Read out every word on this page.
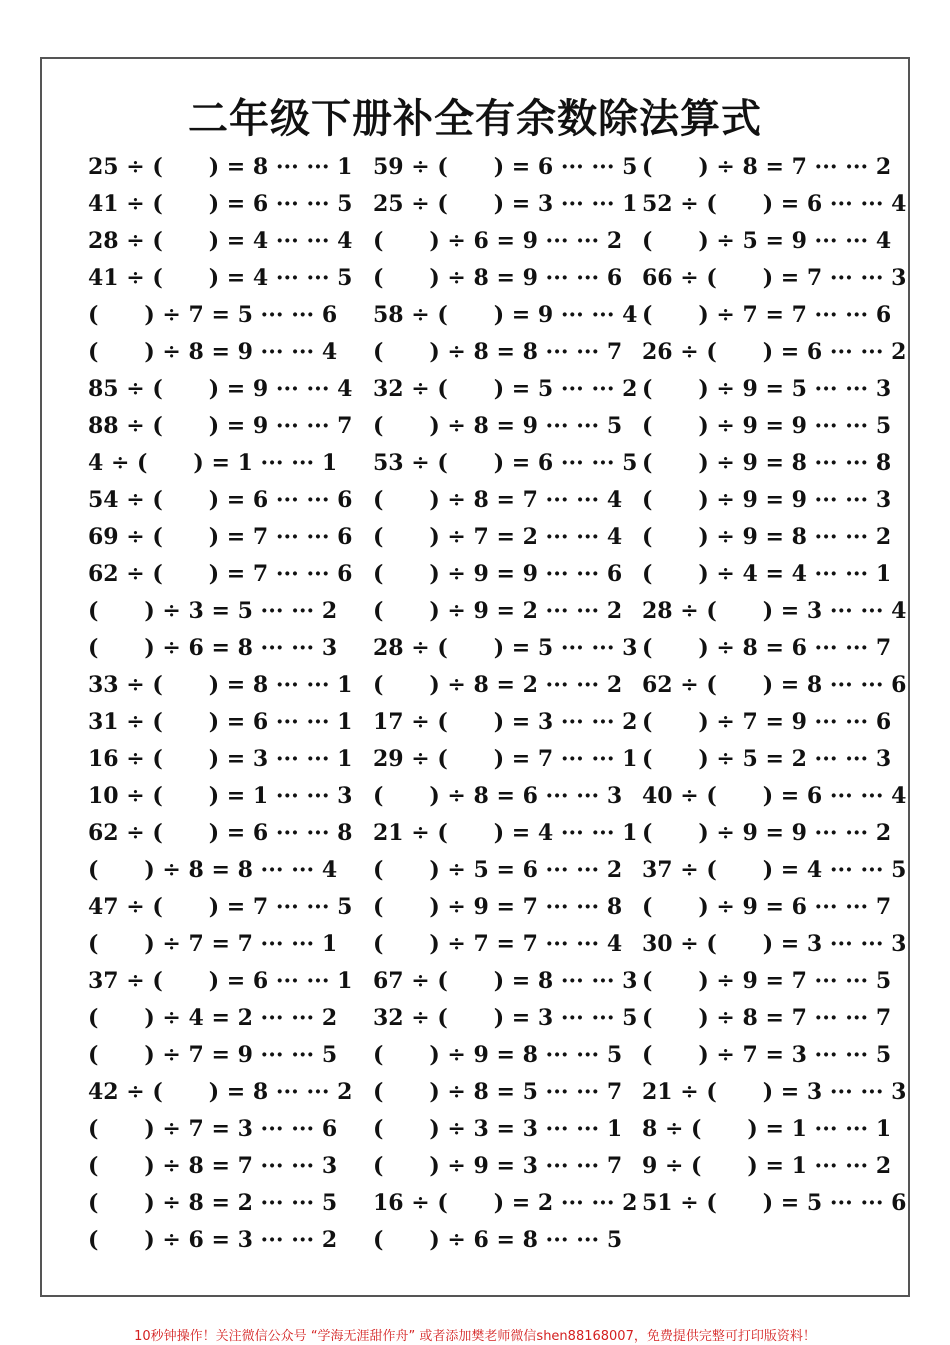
二年级下册补全有余数除法算式
25 ÷ (      ) = 8 ··· ··· 1
41 ÷ (      ) = 6 ··· ··· 5
28 ÷ (      ) = 4 ··· ··· 4
41 ÷ (      ) = 4 ··· ··· 5
(      ) ÷ 7 = 5 ··· ··· 6
(      ) ÷ 8 = 9 ··· ··· 4
85 ÷ (      ) = 9 ··· ··· 4
88 ÷ (      ) = 9 ··· ··· 7
4 ÷ (      ) = 1 ··· ··· 1
54 ÷ (      ) = 6 ··· ··· 6
69 ÷ (      ) = 7 ··· ··· 6
62 ÷ (      ) = 7 ··· ··· 6
(      ) ÷ 3 = 5 ··· ··· 2
(      ) ÷ 6 = 8 ··· ··· 3
33 ÷ (      ) = 8 ··· ··· 1
31 ÷ (      ) = 6 ··· ··· 1
16 ÷ (      ) = 3 ··· ··· 1
10 ÷ (      ) = 1 ··· ··· 3
62 ÷ (      ) = 6 ··· ··· 8
(      ) ÷ 8 = 8 ··· ··· 4
47 ÷ (      ) = 7 ··· ··· 5
(      ) ÷ 7 = 7 ··· ··· 1
37 ÷ (      ) = 6 ··· ··· 1
(      ) ÷ 4 = 2 ··· ··· 2
(      ) ÷ 7 = 9 ··· ··· 5
42 ÷ (      ) = 8 ··· ··· 2
(      ) ÷ 7 = 3 ··· ··· 6
(      ) ÷ 8 = 7 ··· ··· 3
(      ) ÷ 8 = 2 ··· ··· 5
(      ) ÷ 6 = 3 ··· ··· 2
59 ÷ (      ) = 6 ··· ··· 5
25 ÷ (      ) = 3 ··· ··· 1
(      ) ÷ 6 = 9 ··· ··· 2
(      ) ÷ 8 = 9 ··· ··· 6
58 ÷ (      ) = 9 ··· ··· 4
(      ) ÷ 8 = 8 ··· ··· 7
32 ÷ (      ) = 5 ··· ··· 2
(      ) ÷ 8 = 9 ··· ··· 5
53 ÷ (      ) = 6 ··· ··· 5
(      ) ÷ 8 = 7 ··· ··· 4
(      ) ÷ 7 = 2 ··· ··· 4
(      ) ÷ 9 = 9 ··· ··· 6
(      ) ÷ 9 = 2 ··· ··· 2
28 ÷ (      ) = 5 ··· ··· 3
(      ) ÷ 8 = 2 ··· ··· 2
17 ÷ (      ) = 3 ··· ··· 2
29 ÷ (      ) = 7 ··· ··· 1
(      ) ÷ 8 = 6 ··· ··· 3
21 ÷ (      ) = 4 ··· ··· 1
(      ) ÷ 5 = 6 ··· ··· 2
(      ) ÷ 9 = 7 ··· ··· 8
(      ) ÷ 7 = 7 ··· ··· 4
67 ÷ (      ) = 8 ··· ··· 3
32 ÷ (      ) = 3 ··· ··· 5
(      ) ÷ 9 = 8 ··· ··· 5
(      ) ÷ 8 = 5 ··· ··· 7
(      ) ÷ 3 = 3 ··· ··· 1
(      ) ÷ 9 = 3 ··· ··· 7
16 ÷ (      ) = 2 ··· ··· 2
(      ) ÷ 6 = 8 ··· ··· 5
(      ) ÷ 8 = 7 ··· ··· 2
52 ÷ (      ) = 6 ··· ··· 4
(      ) ÷ 5 = 9 ··· ··· 4
66 ÷ (      ) = 7 ··· ··· 3
(      ) ÷ 7 = 7 ··· ··· 6
26 ÷ (      ) = 6 ··· ··· 2
(      ) ÷ 9 = 5 ··· ··· 3
(      ) ÷ 9 = 9 ··· ··· 5
(      ) ÷ 9 = 8 ··· ··· 8
(      ) ÷ 9 = 9 ··· ··· 3
(      ) ÷ 9 = 8 ··· ··· 2
(      ) ÷ 4 = 4 ··· ··· 1
28 ÷ (      ) = 3 ··· ··· 4
(      ) ÷ 8 = 6 ··· ··· 7
62 ÷ (      ) = 8 ··· ··· 6
(      ) ÷ 7 = 9 ··· ··· 6
(      ) ÷ 5 = 2 ··· ··· 3
40 ÷ (      ) = 6 ··· ··· 4
(      ) ÷ 9 = 9 ··· ··· 2
37 ÷ (      ) = 4 ··· ··· 5
(      ) ÷ 9 = 6 ··· ··· 7
30 ÷ (      ) = 3 ··· ··· 3
(      ) ÷ 9 = 7 ··· ··· 5
(      ) ÷ 8 = 7 ··· ··· 7
(      ) ÷ 7 = 3 ··· ··· 5
21 ÷ (      ) = 3 ··· ··· 3
8 ÷ (      ) = 1 ··· ··· 1
9 ÷ (      ) = 1 ··· ··· 2
51 ÷ (      ) = 5 ··· ··· 6
10秒钟操作！关注微信公众号 “学海无涯甜作舟” 或者添加樊老师微信shen88168007，免费提供完整可打印版资料！
